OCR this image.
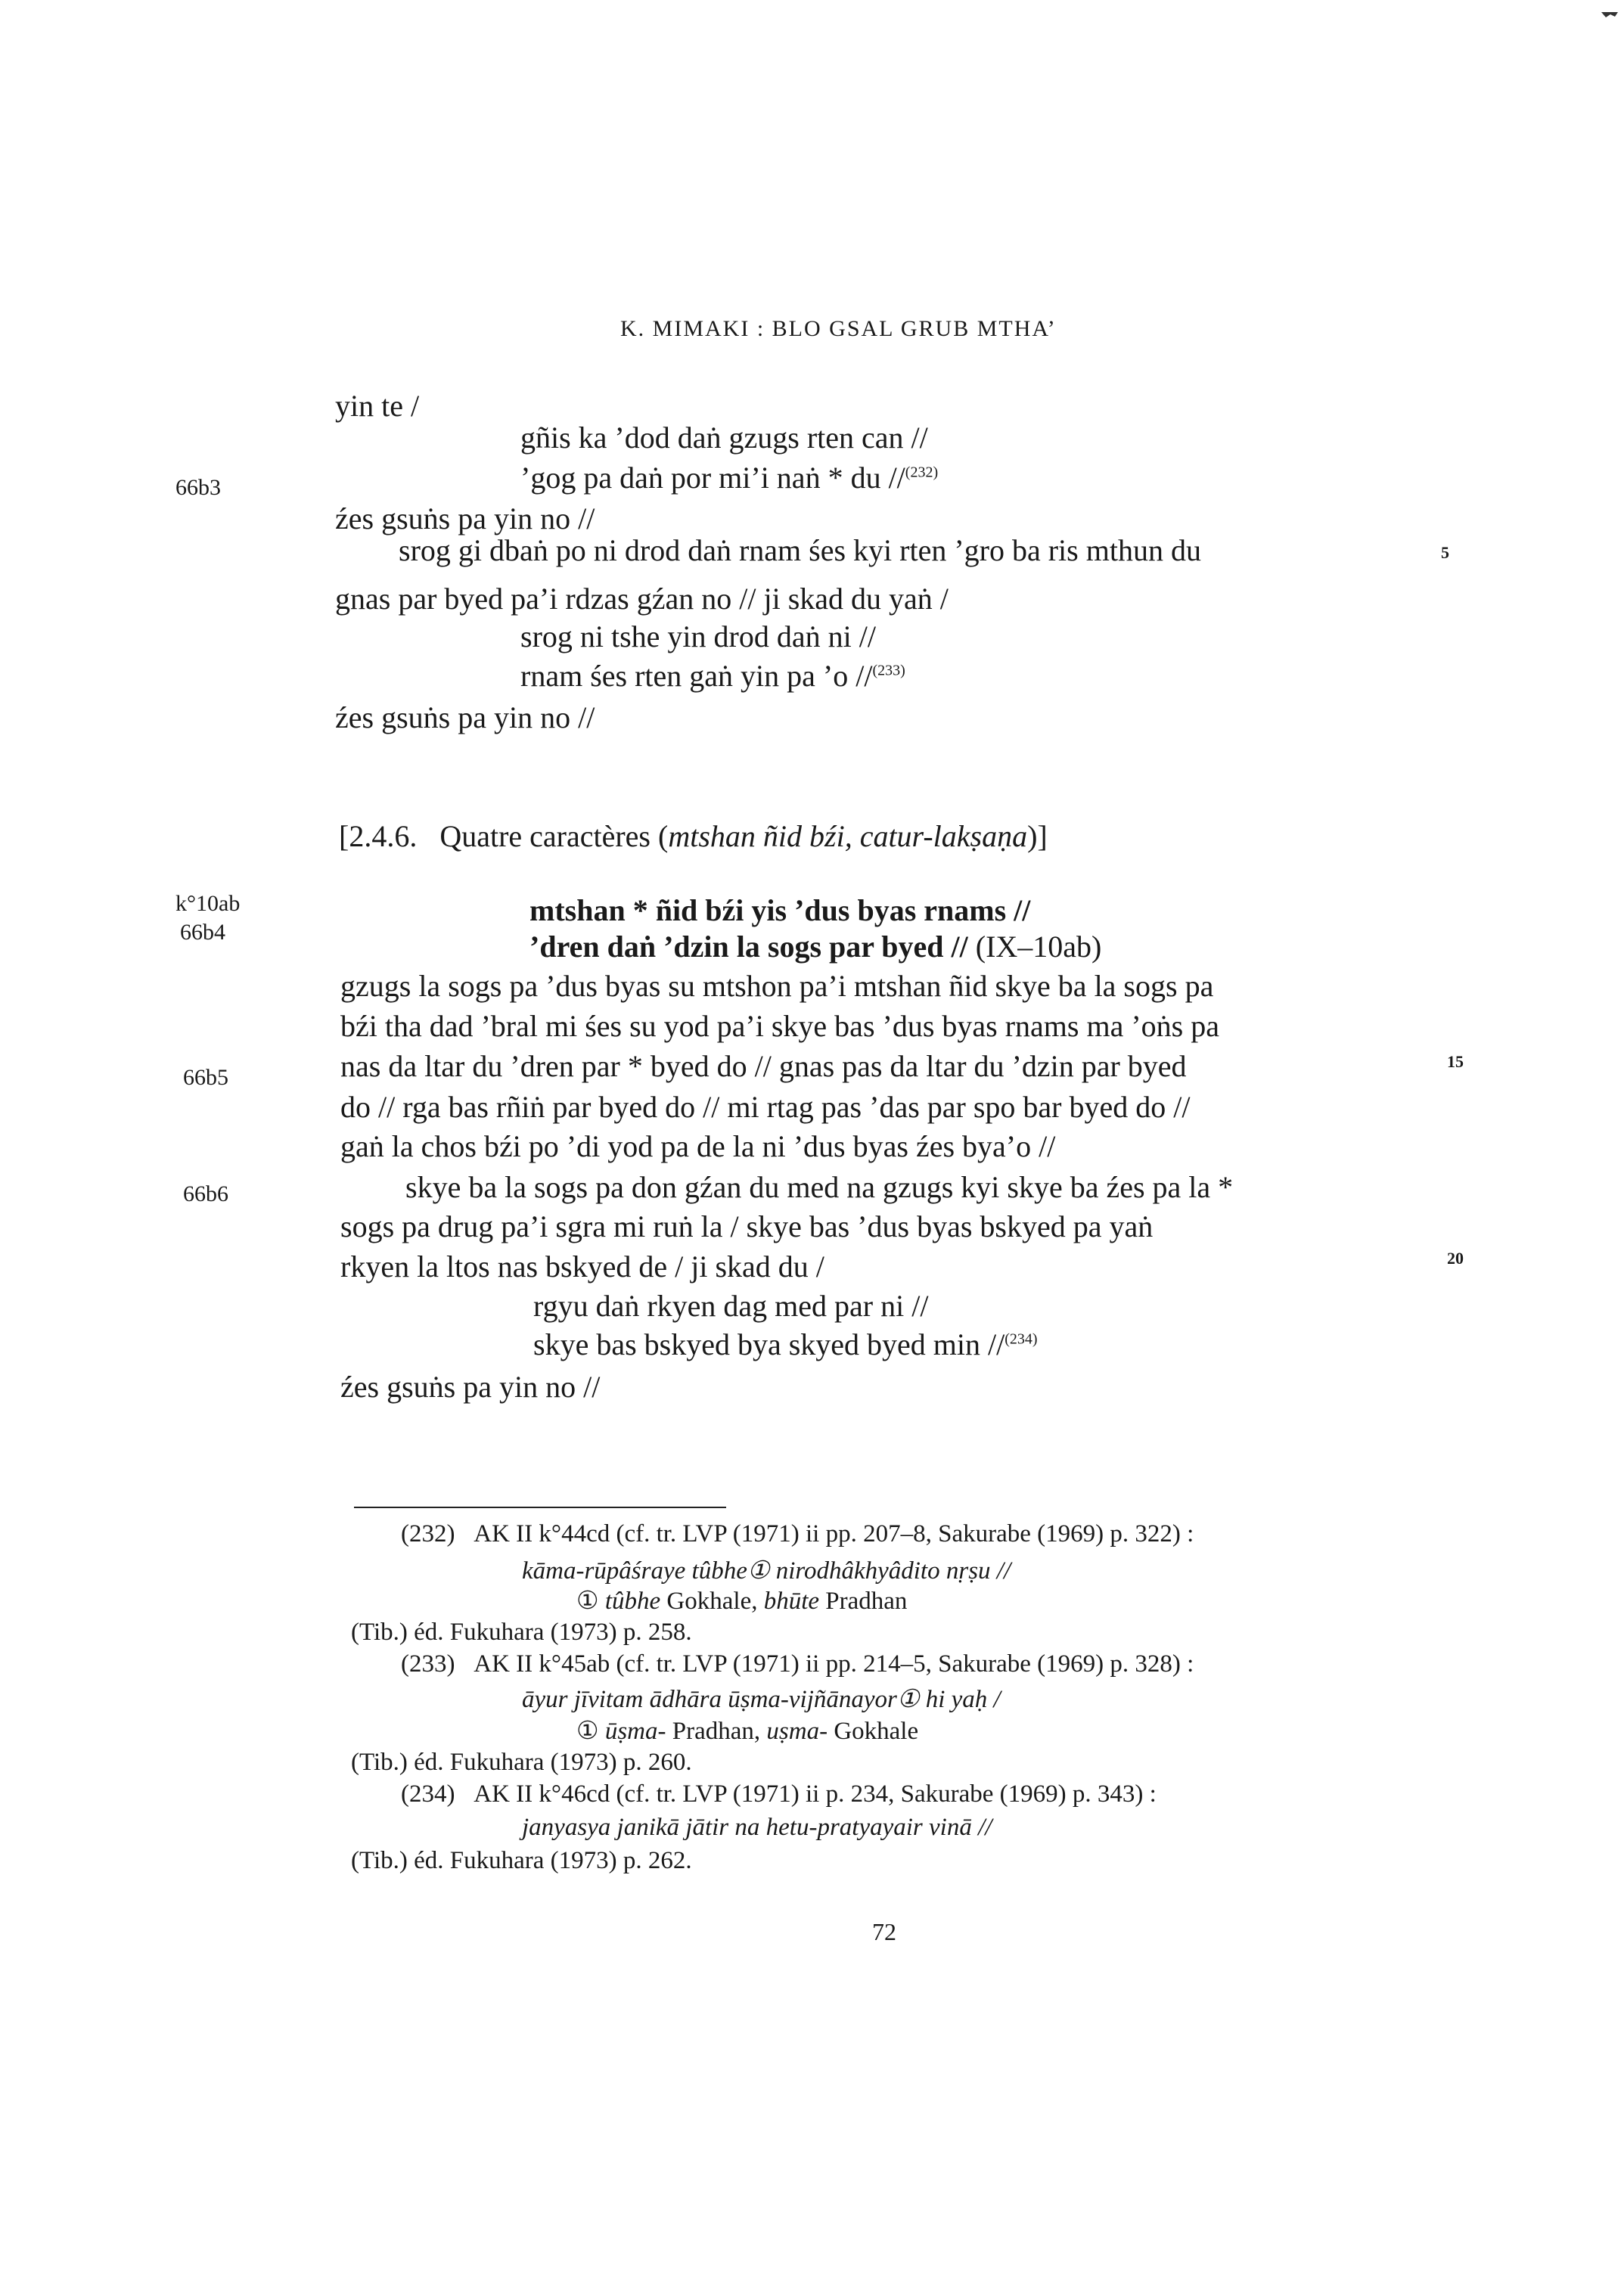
K. MIMAKI : BLO GSAL GRUB MTHA’
66b3
k°10ab
66b4
66b5
66b6
5
15
20
yin te /
gñis ka ’dod daṅ gzugs rten can //
’gog pa daṅ por mi’i naṅ * du //$^{(232)}$
źes gsuṅs pa yin no //
srog gi dbaṅ po ni drod daṅ rnam śes kyi rten ’gro ba ris mthun du
gnas par byed pa’i rdzas gźan no // ji skad du yaṅ /
srog ni tshe yin drod daṅ ni //
rnam śes rten gaṅ yin pa ’o //$^{(233)}$
źes gsuṅs pa yin no //
[2.4.6. Quatre caractères (mtshan ñid bźi, catur-lakṣaṇa)]
mtshan * ñid bźi yis ’dus byas rnams //
’dren daṅ ’dzin la sogs par byed // (IX–10ab)
gzugs la sogs pa ’dus byas su mtshon pa’i mtshan ñid skye ba la sogs pa
bźi tha dad ’bral mi śes su yod pa’i skye bas ’dus byas rnams ma ’oṅs pa
nas da ltar du ’dren par * byed do // gnas pas da ltar du ’dzin par byed
do // rga bas rñiṅ par byed do // mi rtag pas ’das par spo bar byed do //
gaṅ la chos bźi po ’di yod pa de la ni ’dus byas źes bya’o //
skye ba la sogs pa don gźan du med na gzugs kyi skye ba źes pa la *
sogs pa drug pa’i sgra mi ruṅ la / skye bas ’dus byas bskyed pa yaṅ
rkyen la ltos nas bskyed de / ji skad du /
rgyu daṅ rkyen dag med par ni //
skye bas bskyed bya skyed byed min //$^{(234)}$
źes gsuṅs pa yin no //
(232) AK II k°44cd (cf. tr. LVP (1971) ii pp. 207–8, Sakurabe (1969) p. 322) :
kāma-rūpâśraye tûbhe① nirodhâkhyâdito nṛṣu //
① tûbhe Gokhale, bhūte Pradhan
(Tib.) éd. Fukuhara (1973) p. 258.
(233) AK II k°45ab (cf. tr. LVP (1971) ii pp. 214–5, Sakurabe (1969) p. 328) :
āyur jīvitam ādhāra ūṣma-vijñānayor① hi yaḥ /
① ūṣma- Pradhan, uṣma- Gokhale
(Tib.) éd. Fukuhara (1973) p. 260.
(234) AK II k°46cd (cf. tr. LVP (1971) ii p. 234, Sakurabe (1969) p. 343) :
janyasya janikā jātir na hetu-pratyayair vinā //
(Tib.) éd. Fukuhara (1973) p. 262.
72
